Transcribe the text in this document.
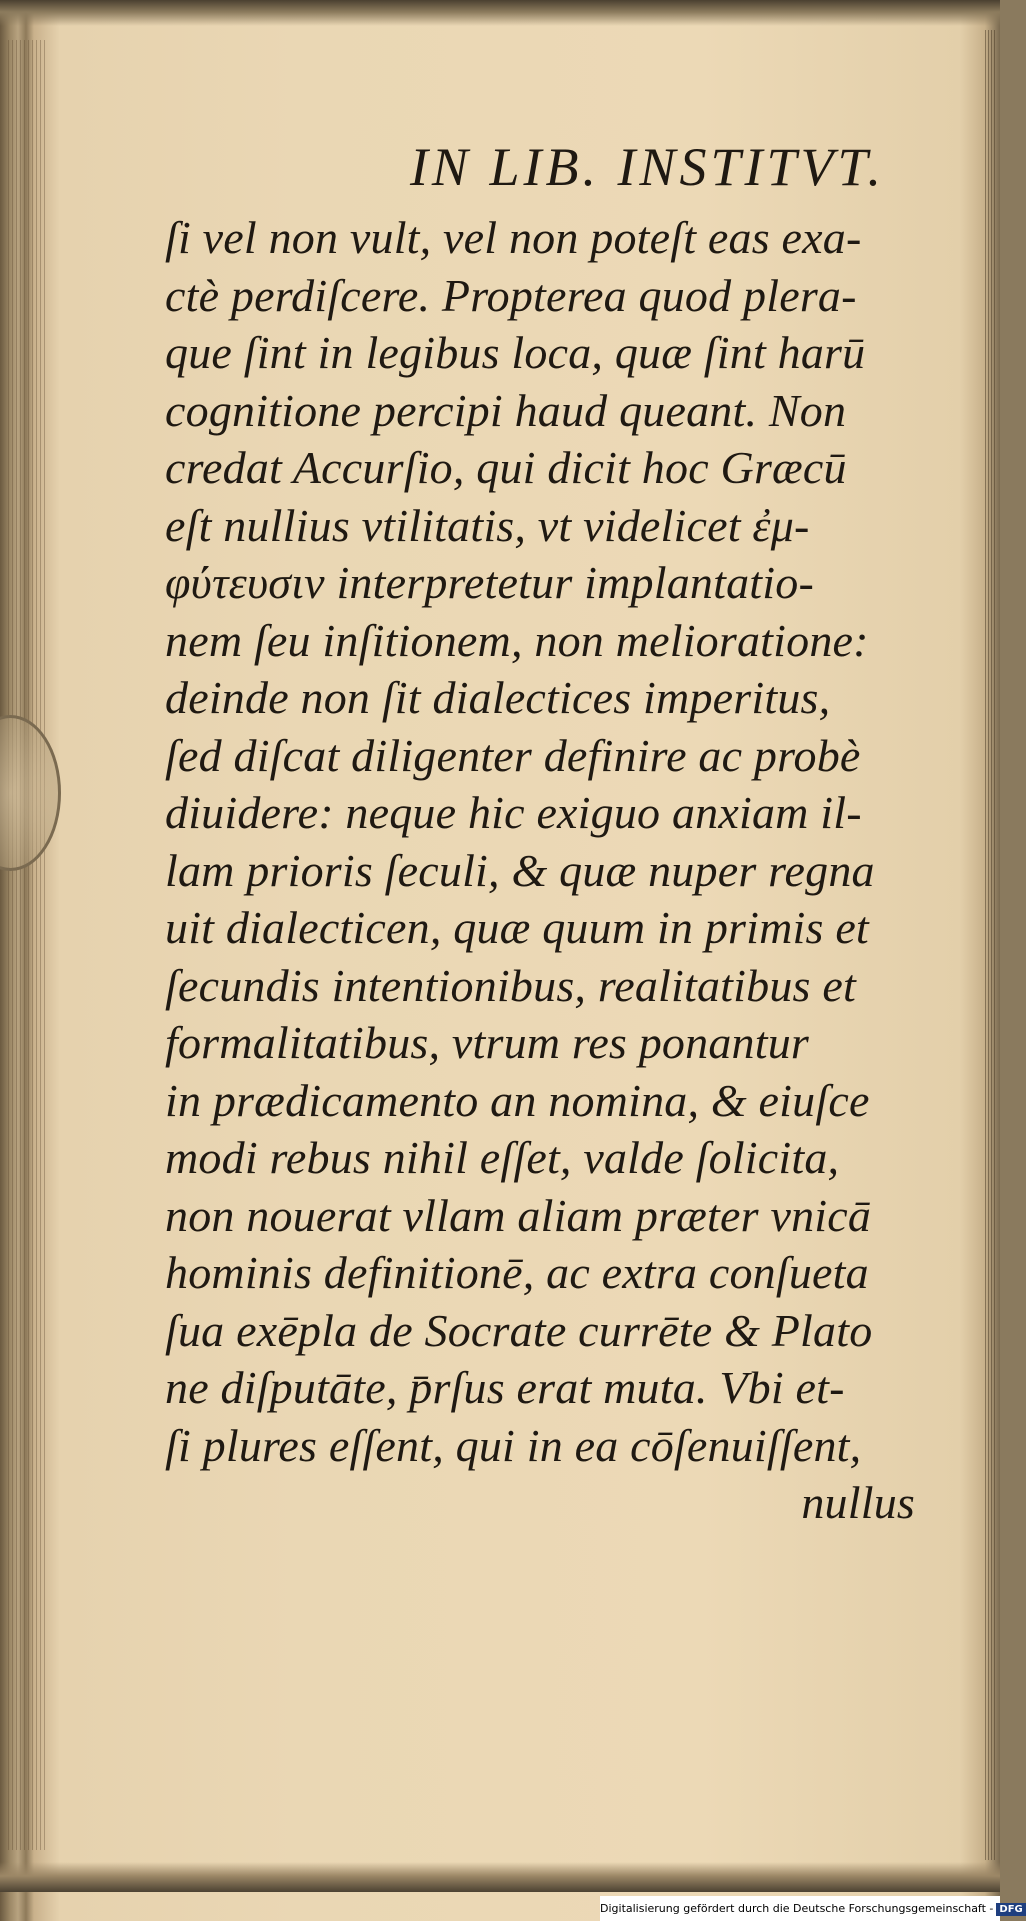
IN LIB. INSTITVT.
ſi vel non vult, vel non poteſt eas exa-
ctè perdiſcere. Propterea quod plera-
que ſint in legibus loca, quæ ſint harū
cognitione percipi haud queant. Non
credat Accurſio, qui dicit hoc Græcū
eſt nullius vtilitatis, vt videlicet ἐμ-
φύτευσιν interpretetur implantatio-
nem ſeu inſitionem, non melioratione:
deinde non ſit dialectices imperitus,
ſed diſcat diligenter definire ac probè
diuidere: neque hic exiguo anxiam il-
lam prioris ſeculi, & quæ nuper regna
uit dialecticen, quæ quum in primis et
ſecundis intentionibus, realitatibus et
formalitatibus, vtrum res ponantur
in prædicamento an nomina, & eiuſce
modi rebus nihil eſſet, valde ſolicita,
non nouerat vllam aliam præter vnicā
hominis definitionē, ac extra conſueta
ſua exēpla de Socrate currēte & Plato
ne diſputāte, p̄rſus erat muta. Vbi et-
ſi plures eſſent, qui in ea cōſenuiſſent,
nullus
Digitalisierung gefördert durch die Deutsche Forschungsgemeinschaft - DFG
